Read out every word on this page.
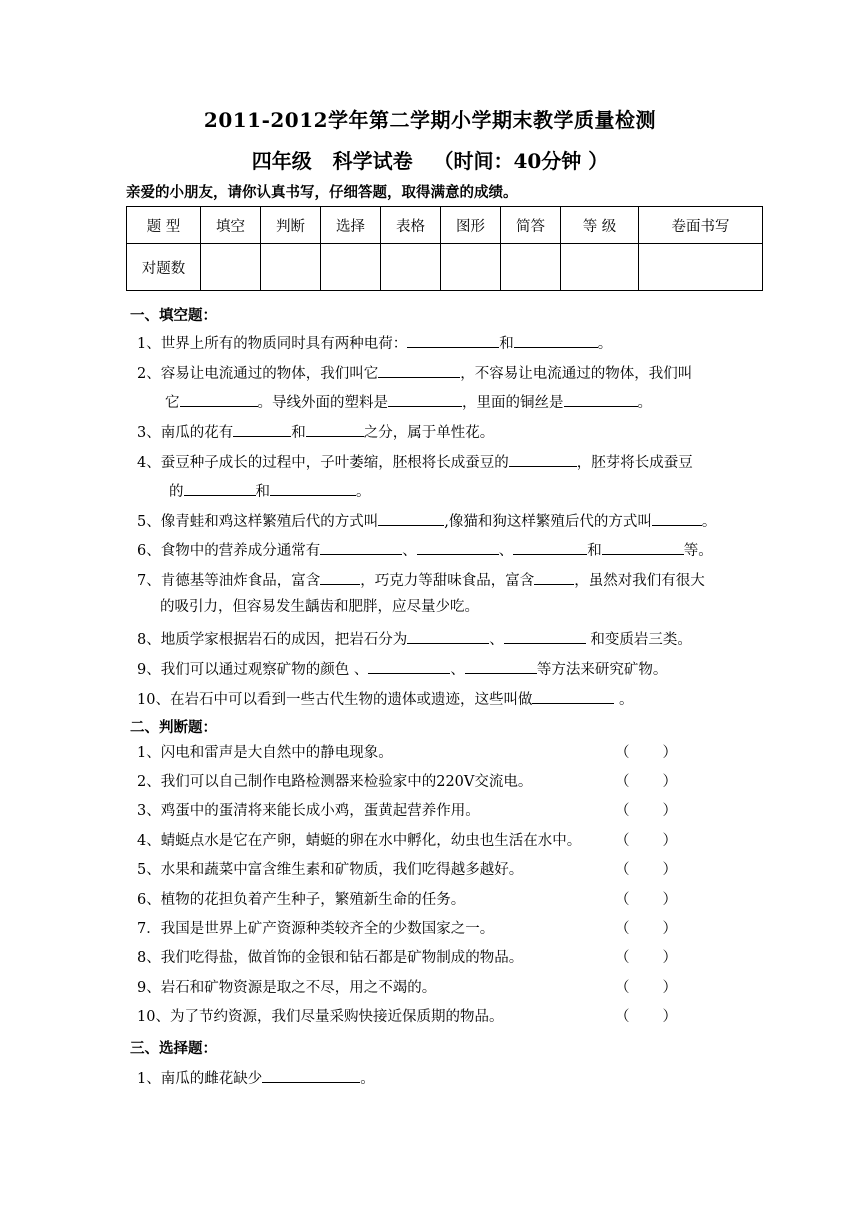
2011-2012学年第二学期小学期末教学质量检测
四年级   科学试卷   （时间：40分钟 ）
亲爱的小朋友，请你认真书写，仔细答题，取得满意的成绩。
题 型	填空	判断	选择	表格	图形	简答	等 级	卷面书写
对题数								
一、填空题：
1、世界上所有的物质同时具有两种电荷：	和	。
2、容易让电流通过的物体，我们叫它	，不容易让电流通过的物体，我们叫
它	。导线外面的塑料是	，里面的铜丝是	。
3、南瓜的花有	和	之分，属于单性花。
4、蚕豆种子成长的过程中，子叶萎缩，胚根将长成蚕豆的	，胚芽将长成蚕豆
的	和	。
5、像青蛙和鸡这样繁殖后代的方式叫	,像猫和狗这样繁殖后代的方式叫	。
6、食物中的营养成分通常有	、	、	和	等。
7、肯德基等油炸食品，富含	，巧克力等甜味食品，富含	，虽然对我们有很大
的吸引力，但容易发生龋齿和肥胖，应尽量少吃。
8、地质学家根据岩石的成因，把岩石分为	、	和变质岩三类。
9、我们可以通过观察矿物的颜色 、	、	等方法来研究矿物。
10、在岩石中可以看到一些古代生物的遗体或遗迹，这些叫做	。
二、判断题：
1、闪电和雷声是大自然中的静电现象。	（ ）
2、我们可以自己制作电路检测器来检验家中的220V交流电。	（ ）
3、鸡蛋中的蛋清将来能长成小鸡，蛋黄起营养作用。	（ ）
4、蜻蜓点水是它在产卵，蜻蜓的卵在水中孵化，幼虫也生活在水中。 （ ）
5、水果和蔬菜中富含维生素和矿物质，我们吃得越多越好。	（ ）
6、植物的花担负着产生种子，繁殖新生命的任务。	（ ）
7．我国是世界上矿产资源种类较齐全的少数国家之一。	（ ）
8、我们吃得盐，做首饰的金银和钻石都是矿物制成的物品。	（ ）
9、岩石和矿物资源是取之不尽，用之不竭的。	（ ）
10、为了节约资源，我们尽量采购快接近保质期的物品。	（ ）
三、选择题：
1、南瓜的雌花缺少	。
